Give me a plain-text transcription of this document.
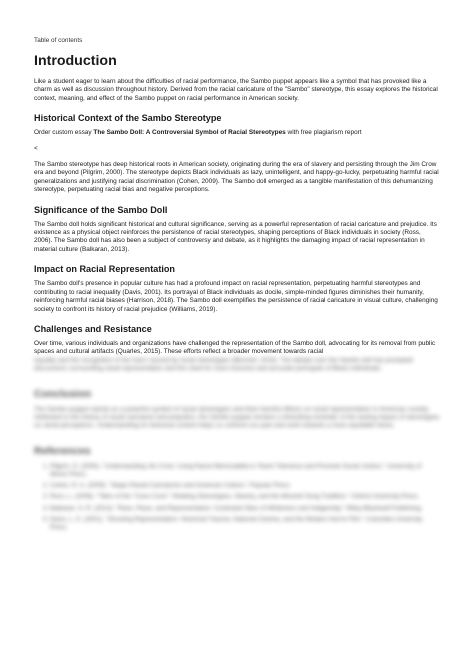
Table of contents
Introduction

Like a student eager to learn about the difficulties of racial performance, the Sambo puppet appears like a symbol that has provoked like a charm as well as discussion throughout history. Derived from the racial caricature of the "Sambo" stereotype, this essay explores the historical context, meaning, and effect of the Sambo puppet on racial performance in American society.

Historical Context of the Sambo Stereotype

Order custom essay The Sambo Doll: A Controversial Symbol of Racial Stereotypes with free plagiarism report

<

The Sambo stereotype has deep historical roots in American society, originating during the era of slavery and persisting through the Jim Crow era and beyond (Pilgrim, 2000). The stereotype depicts Black individuals as lazy, unintelligent, and happy-go-lucky, perpetuating harmful racial generalizations and justifying racial discrimination (Cohen, 2009). The Sambo doll emerged as a tangible manifestation of this dehumanizing stereotype, perpetuating racial bias and negative perceptions.

Significance of the Sambo Doll

The Sambo doll holds significant historical and cultural significance, serving as a powerful representation of racial caricature and prejudice. Its existence as a physical object reinforces the persistence of racial stereotypes, shaping perceptions of Black individuals in society (Ross, 2006). The Sambo doll has also been a subject of controversy and debate, as it highlights the damaging impact of racial representation in material culture (Balkaran, 2013).

Impact on Racial Representation

The Sambo doll's presence in popular culture has had a profound impact on racial representation, perpetuating harmful stereotypes and contributing to racial inequality (Davis, 2001). Its portrayal of Black individuals as docile, simple-minded figures diminishes their humanity, reinforcing harmful racial biases (Harrison, 2018). The Sambo doll exemplifies the persistence of racial caricature in visual culture, challenging society to confront its history of racial prejudice (Williams, 2019).

Challenges and Resistance

Over time, various individuals and organizations have challenged the representation of the Sambo doll, advocating for its removal from public spaces and cultural artifacts (Quarles, 2015). These efforts reflect a broader movement towards racial

equality and the recognition of the harm caused by racial stereotypes (Bennett, 2019). The debate over the Sambo doll has prompted discussions surrounding racial representation and the need for more inclusive and accurate portrayals of Black individuals.

Conclusion

The Sambo puppet stands as a powerful symbol of racial stereotypes and their harmful effects on racial representation in American society. Attributed to the history of racial caricature and prejudice, the Sambo puppet remains a disturbing reminder of the lasting impact of stereotypes on racial perceptions. Understanding its historical context helps us confront our past and work towards a more equitable future.

References
1. Pilgrim, D. (2000). "Understanding Jim Crow: Using Racist Memorabilia to Teach Tolerance and Promote Social Justice." University of Illinois Press.
2. Cohen, R. A. (2009). "Negro Racial Caricatures and American Culture." Popular Press.
3. Ross, L. (2006). "Tales of the "Coon Coon": Relating Stereotypes, Slavery, and the Minstrel Song Tradition." Oxford University Press.
4. Balkaran, S. R. (2013). "Race, Place, and Representation: Contested Sites of Whiteness and Indigeneity." Wiley-Blackwell Publishing.
5. Davis, L. K. (2001). "Shooting Representation: Historical Trauma, National Cinema, and the Modern Horror Film." Columbia University Press.
